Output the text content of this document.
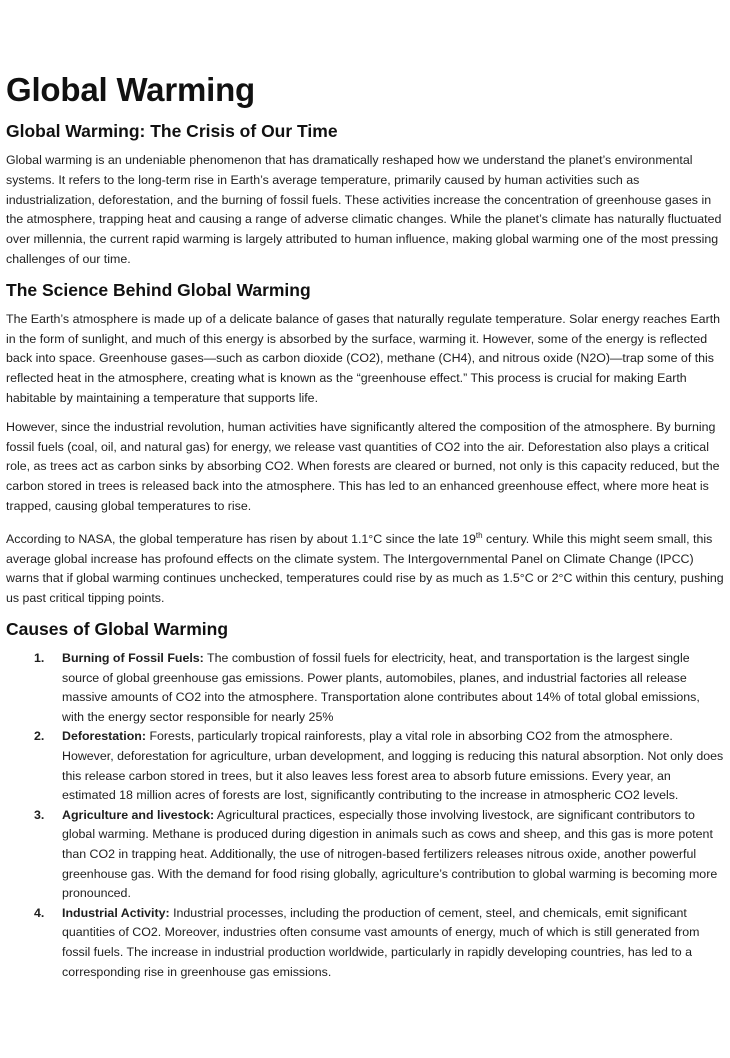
Global Warming
Global Warming: The Crisis of Our Time

Global warming is an undeniable phenomenon that has dramatically reshaped how we understand the planet’s environmental systems. It refers to the long-term rise in Earth’s average temperature, primarily caused by human activities such as industrialization, deforestation, and the burning of fossil fuels. These activities increase the concentration of greenhouse gases in the atmosphere, trapping heat and causing a range of adverse climatic changes. While the planet’s climate has naturally fluctuated over millennia, the current rapid warming is largely attributed to human influence, making global warming one of the most pressing challenges of our time.

The Science Behind Global Warming

The Earth’s atmosphere is made up of a delicate balance of gases that naturally regulate temperature. Solar energy reaches Earth in the form of sunlight, and much of this energy is absorbed by the surface, warming it. However, some of the energy is reflected back into space. Greenhouse gases—such as carbon dioxide (CO2), methane (CH4), and nitrous oxide (N2O)—trap some of this reflected heat in the atmosphere, creating what is known as the “greenhouse effect.” This process is crucial for making Earth habitable by maintaining a temperature that supports life.

However, since the industrial revolution, human activities have significantly altered the composition of the atmosphere. By burning fossil fuels (coal, oil, and natural gas) for energy, we release vast quantities of CO2 into the air. Deforestation also plays a critical role, as trees act as carbon sinks by absorbing CO2. When forests are cleared or burned, not only is this capacity reduced, but the carbon stored in trees is released back into the atmosphere. This has led to an enhanced greenhouse effect, where more heat is trapped, causing global temperatures to rise.

According to NASA, the global temperature has risen by about 1.1°C since the late 19th century. While this might seem small, this average global increase has profound effects on the climate system. The Intergovernmental Panel on Climate Change (IPCC) warns that if global warming continues unchecked, temperatures could rise by as much as 1.5°C or 2°C within this century, pushing us past critical tipping points.

Causes of Global Warming
1. Burning of Fossil Fuels: The combustion of fossil fuels for electricity, heat, and transportation is the largest single source of global greenhouse gas emissions. Power plants, automobiles, planes, and industrial factories all release massive amounts of CO2 into the atmosphere. Transportation alone contributes about 14% of total global emissions, with the energy sector responsible for nearly 25%
2. Deforestation: Forests, particularly tropical rainforests, play a vital role in absorbing CO2 from the atmosphere. However, deforestation for agriculture, urban development, and logging is reducing this natural absorption. Not only does this release carbon stored in trees, but it also leaves less forest area to absorb future emissions. Every year, an estimated 18 million acres of forests are lost, significantly contributing to the increase in atmospheric CO2 levels.
3. Agriculture and livestock: Agricultural practices, especially those involving livestock, are significant contributors to global warming. Methane is produced during digestion in animals such as cows and sheep, and this gas is more potent than CO2 in trapping heat. Additionally, the use of nitrogen-based fertilizers releases nitrous oxide, another powerful greenhouse gas. With the demand for food rising globally, agriculture’s contribution to global warming is becoming more pronounced.
4. Industrial Activity: Industrial processes, including the production of cement, steel, and chemicals, emit significant quantities of CO2. Moreover, industries often consume vast amounts of energy, much of which is still generated from fossil fuels. The increase in industrial production worldwide, particularly in rapidly developing countries, has led to a corresponding rise in greenhouse gas emissions.
